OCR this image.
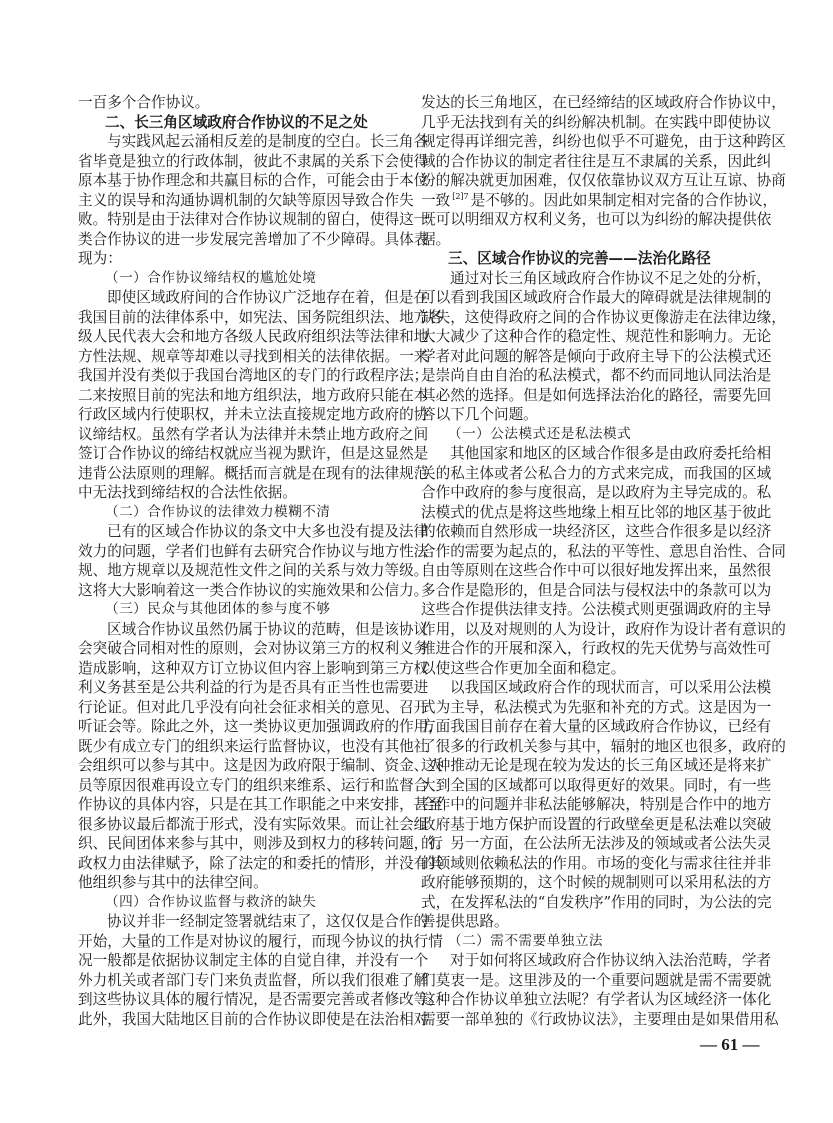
一百多个合作协议。
二、长三角区域政府合作协议的不足之处
与实践风起云涌相反差的是制度的空白。长三角各
省毕竟是独立的行政体制，彼此不隶属的关系下会使得
原本基于协作理念和共赢目标的合作，可能会由于本位
主义的误导和沟通协调机制的欠缺等原因导致合作失
败。特别是由于法律对合作协议规制的留白，使得这一
类合作协议的进一步发展完善增加了不少障碍。具体表
现为：
（一）合作协议缔结权的尴尬处境
即使区域政府间的合作协议广泛地存在着，但是在
我国目前的法律体系中，如宪法、国务院组织法、地方各
级人民代表大会和地方各级人民政府组织法等法律和地
方性法规、规章等却难以寻找到相关的法律依据。一来
我国并没有类似于我国台湾地区的专门的行政程序法；
二来按照目前的宪法和地方组织法，地方政府只能在本
行政区域内行使职权，并未立法直接规定地方政府的协
议缔结权。虽然有学者认为法律并未禁止地方政府之间
签订合作协议的缔结权就应当视为默许，但是这显然是
违背公法原则的理解。概括而言就是在现有的法律规范
中无法找到缔结权的合法性依据。
（二）合作协议的法律效力模糊不清
已有的区域合作协议的条文中大多也没有提及法律
效力的问题，学者们也鲜有去研究合作协议与地方性法
规、地方规章以及规范性文件之间的关系与效力等级。
这将大大影响着这一类合作协议的实施效果和公信力。
（三）民众与其他团体的参与度不够
区域合作协议虽然仍属于协议的范畴，但是该协议
会突破合同相对性的原则，会对协议第三方的权利义务
造成影响，这种双方订立协议但内容上影响到第三方权
利义务甚至是公共利益的行为是否具有正当性也需要进
行论证。但对此几乎没有向社会征求相关的意见、召开
听证会等。除此之外，这一类协议更加强调政府的作用，
既少有成立专门的组织来运行监督协议，也没有其他社
会组织可以参与其中。这是因为政府限于编制、资金、人
员等原因很难再设立专门的组织来维系、运行和监督合
作协议的具体内容，只是在其工作职能之中来安排，甚至
很多协议最后都流于形式，没有实际效果。而让社会组
织、民间团体来参与其中，则涉及到权力的移转问题，行
政权力由法律赋予，除了法定的和委托的情形，并没有其
他组织参与其中的法律空间。
（四）合作协议监督与救济的缺失
协议并非一经制定签署就结束了，这仅仅是合作的
开始，大量的工作是对协议的履行，而现今协议的执行情
况一般都是依据协议制定主体的自觉自律，并没有一个
外力机关或者部门专门来负责监督，所以我们很难了解
到这些协议具体的履行情况，是否需要完善或者修改等。
此外，我国大陆地区目前的合作协议即使是在法治相对
发达的长三角地区，在已经缔结的区域政府合作协议中，
几乎无法找到有关的纠纷解决机制。在实践中即使协议
规定得再详细完善，纠纷也似乎不可避免，由于这种跨区
域的合作协议的制定者往往是互不隶属的关系，因此纠
纷的解决就更加困难，仅仅依靠协议双方互让互谅、协商
一致 $^{[2]7}$ 是不够的。因此如果制定相对完备的合作协议，
既可以明细双方权利义务，也可以为纠纷的解决提供依
据。
三、区域合作协议的完善——法治化路径
通过对长三角区域政府合作协议不足之处的分析，
可以看到我国区域政府合作最大的障碍就是法律规制的
缺失，这使得政府之间的合作协议更像游走在法律边缘，
大大减少了这种合作的稳定性、规范性和影响力。无论
学者对此问题的解答是倾向于政府主导下的公法模式还
是崇尚自由自治的私法模式，都不约而同地认同法治是
其必然的选择。但是如何选择法治化的路径，需要先回
答以下几个问题。
（一）公法模式还是私法模式
其他国家和地区的区域合作很多是由政府委托给相
关的私主体或者公私合力的方式来完成，而我国的区域
合作中政府的参与度很高，是以政府为主导完成的。私
法模式的优点是将这些地缘上相互比邻的地区基于彼此
的依赖而自然形成一块经济区，这些合作很多是以经济
合作的需要为起点的，私法的平等性、意思自治性、合同
自由等原则在这些合作中可以很好地发挥出来，虽然很
多合作是隐形的，但是合同法与侵权法中的条款可以为
这些合作提供法律支持。公法模式则更强调政府的主导
作用，以及对规则的人为设计，政府作为设计者有意识的
推进合作的开展和深入，行政权的先天优势与高效性可
以使这些合作更加全面和稳定。
以我国区域政府合作的现状而言，可以采用公法模
式为主导，私法模式为先驱和补充的方式。这是因为一
方面我国目前存在着大量的区域政府合作协议，已经有
了很多的行政机关参与其中，辐射的地区也很多，政府的
这种推动无论是现在较为发达的长三角区域还是将来扩
大到全国的区域都可以取得更好的效果。同时，有一些
合作中的问题并非私法能够解决，特别是合作中的地方
政府基于地方保护而设置的行政壁垒更是私法难以突破
的。另一方面，在公法所无法涉及的领域或者公法失灵
的领域则依赖私法的作用。市场的变化与需求往往并非
政府能够预期的，这个时候的规制则可以采用私法的方
式，在发挥私法的“自发秩序”作用的同时，为公法的完
善提供思路。
（二）需不需要单独立法
对于如何将区域政府合作协议纳入法治范畴，学者
们莫衷一是。这里涉及的一个重要问题就是需不需要就
这种合作协议单独立法呢？有学者认为区域经济一体化
需要一部单独的《行政协议法》，主要理由是如果借用私
— 61 —
